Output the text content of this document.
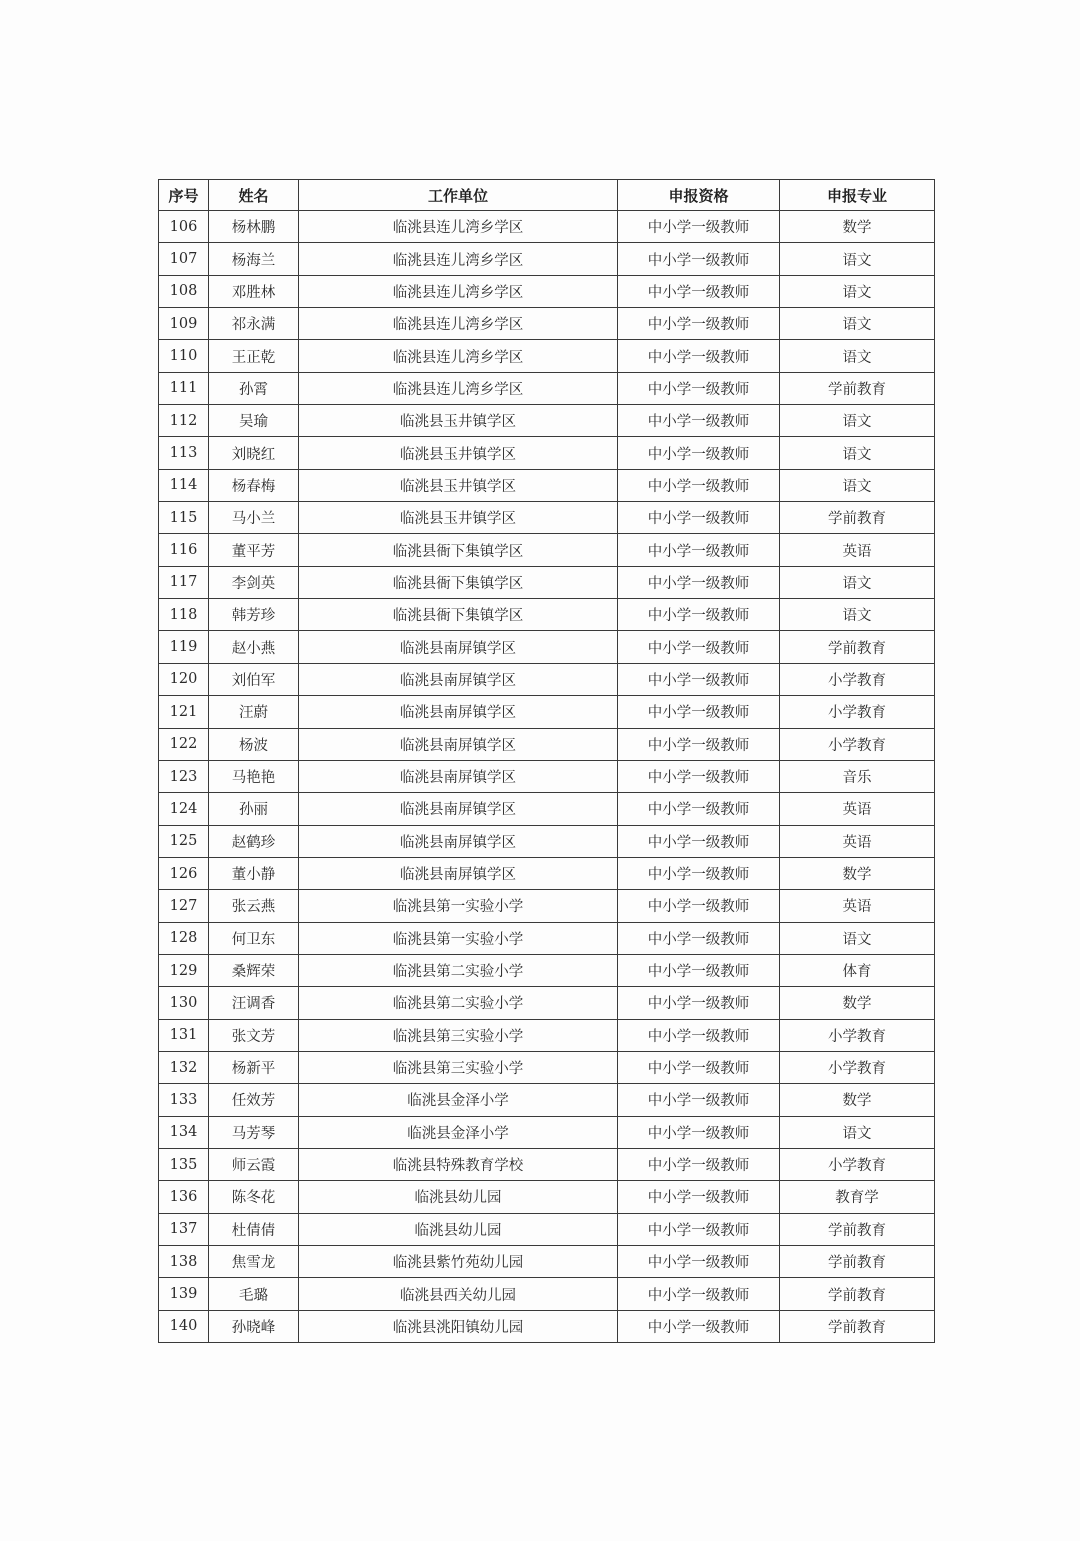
序号	姓名	工作单位	申报资格	申报专业
106	杨林鹏	临洮县连儿湾乡学区	中小学一级教师	数学
107	杨海兰	临洮县连儿湾乡学区	中小学一级教师	语文
108	邓胜林	临洮县连儿湾乡学区	中小学一级教师	语文
109	祁永满	临洮县连儿湾乡学区	中小学一级教师	语文
110	王正乾	临洮县连儿湾乡学区	中小学一级教师	语文
111	孙霄	临洮县连儿湾乡学区	中小学一级教师	学前教育
112	吴瑜	临洮县玉井镇学区	中小学一级教师	语文
113	刘晓红	临洮县玉井镇学区	中小学一级教师	语文
114	杨春梅	临洮县玉井镇学区	中小学一级教师	语文
115	马小兰	临洮县玉井镇学区	中小学一级教师	学前教育
116	董平芳	临洮县衙下集镇学区	中小学一级教师	英语
117	李剑英	临洮县衙下集镇学区	中小学一级教师	语文
118	韩芳珍	临洮县衙下集镇学区	中小学一级教师	语文
119	赵小燕	临洮县南屏镇学区	中小学一级教师	学前教育
120	刘伯军	临洮县南屏镇学区	中小学一级教师	小学教育
121	汪蔚	临洮县南屏镇学区	中小学一级教师	小学教育
122	杨波	临洮县南屏镇学区	中小学一级教师	小学教育
123	马艳艳	临洮县南屏镇学区	中小学一级教师	音乐
124	孙丽	临洮县南屏镇学区	中小学一级教师	英语
125	赵鹤珍	临洮县南屏镇学区	中小学一级教师	英语
126	董小静	临洮县南屏镇学区	中小学一级教师	数学
127	张云燕	临洮县第一实验小学	中小学一级教师	英语
128	何卫东	临洮县第一实验小学	中小学一级教师	语文
129	桑辉荣	临洮县第二实验小学	中小学一级教师	体育
130	汪调香	临洮县第二实验小学	中小学一级教师	数学
131	张文芳	临洮县第三实验小学	中小学一级教师	小学教育
132	杨新平	临洮县第三实验小学	中小学一级教师	小学教育
133	任效芳	临洮县金泽小学	中小学一级教师	数学
134	马芳琴	临洮县金泽小学	中小学一级教师	语文
135	师云霞	临洮县特殊教育学校	中小学一级教师	小学教育
136	陈冬花	临洮县幼儿园	中小学一级教师	教育学
137	杜倩倩	临洮县幼儿园	中小学一级教师	学前教育
138	焦雪龙	临洮县紫竹苑幼儿园	中小学一级教师	学前教育
139	毛璐	临洮县西关幼儿园	中小学一级教师	学前教育
140	孙晓峰	临洮县洮阳镇幼儿园	中小学一级教师	学前教育
